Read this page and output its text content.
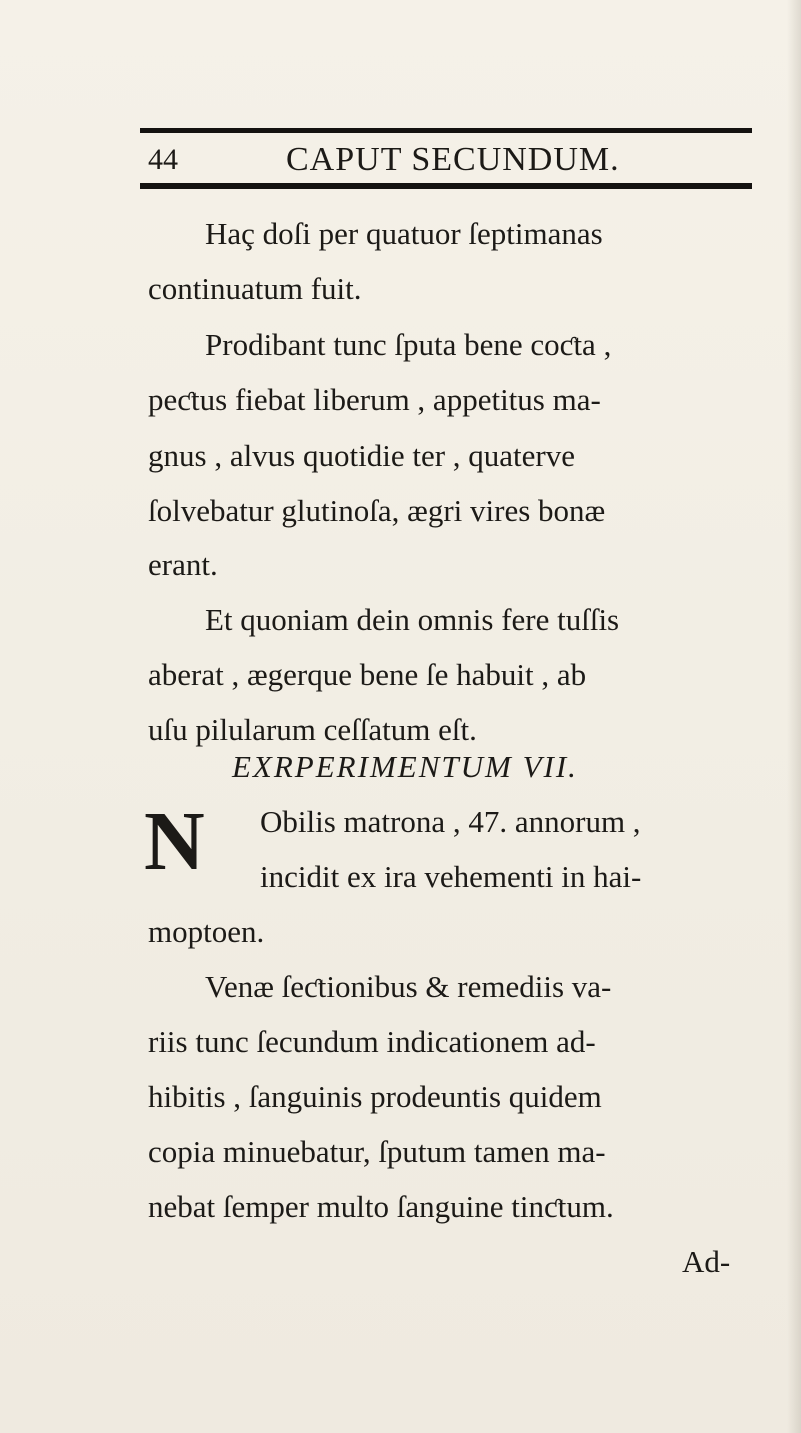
44	CAPUT SECUNDUM.
Haç doſi per quatuor ſeptimanas
continuatum fuit.
Prodibant tunc ſputa bene coƈta ,
peƈtus fiebat liberum , appetitus ma-
gnus , alvus quotidie ter , quaterve
ſolvebatur glutinoſa, ægri vires bonæ
erant.
Et quoniam dein omnis fere tuſſis
aberat , ægerque bene ſe habuit , ab
uſu pilularum ceſſatum eſt.
EXRPERIMENTUM VII.
N Obilis matrona , 47. annorum ,
incidit ex ira vehementi in hai-
moptoen.
Venæ ſeƈtionibus & remediis va-
riis tunc ſecundum indicationem ad-
hibitis , ſanguinis prodeuntis quidem
copia minuebatur, ſputum tamen ma-
nebat ſemper multo ſanguine tinƈtum.
Ad-
